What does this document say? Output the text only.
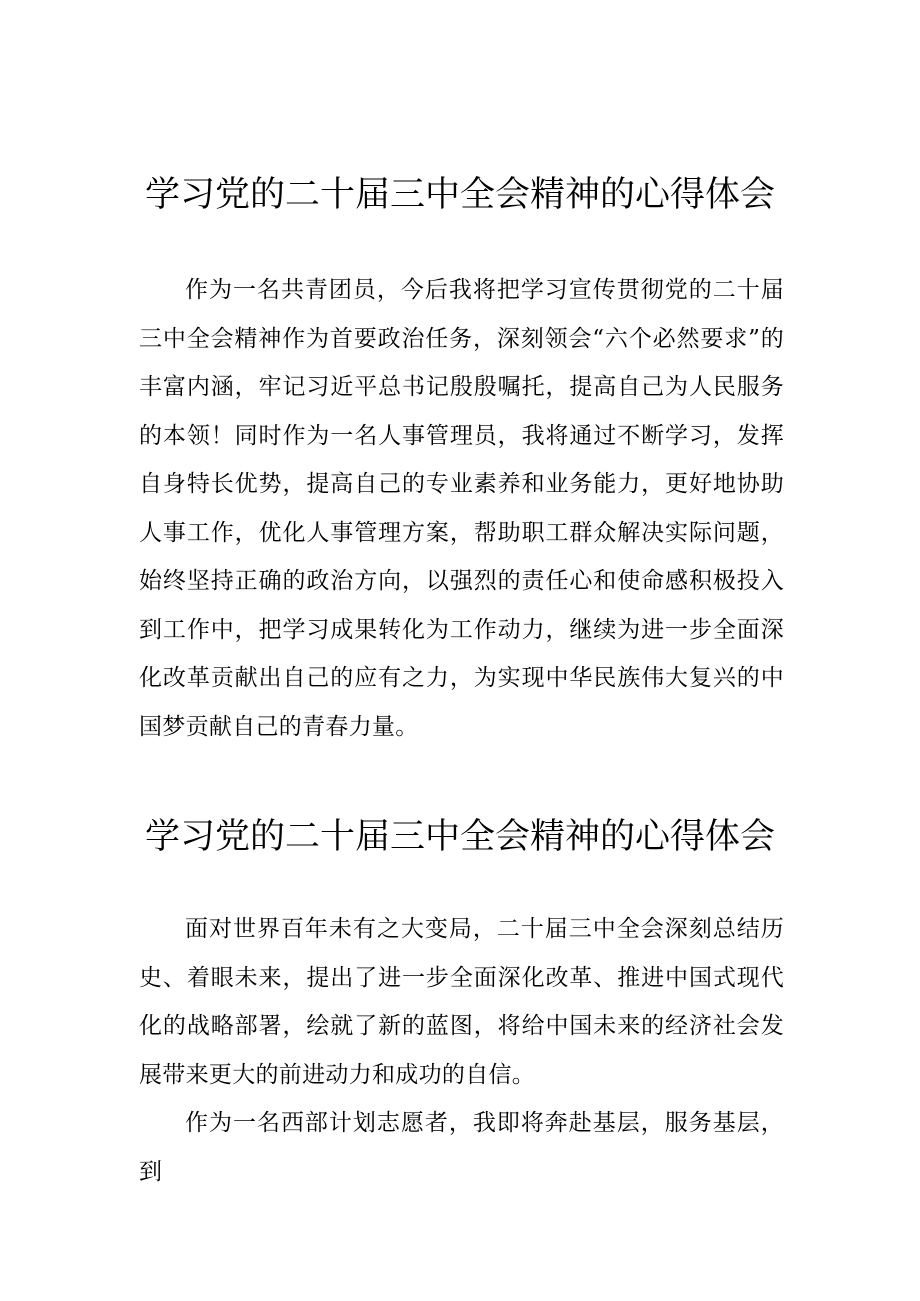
学习党的二十届三中全会精神的心得体会

作为一名共青团员，今后我将把学习宣传贯彻党的二十届三中全会精神作为首要政治任务，深刻领会“六个必然要求”的丰富内涵，牢记习近平总书记殷殷嘱托，提高自己为人民服务的本领！同时作为一名人事管理员，我将通过不断学习，发挥自身特长优势，提高自己的专业素养和业务能力，更好地协助人事工作，优化人事管理方案，帮助职工群众解决实际问题，始终坚持正确的政治方向，以强烈的责任心和使命感积极投入到工作中，把学习成果转化为工作动力，继续为进一步全面深化改革贡献出自己的应有之力，为实现中华民族伟大复兴的中国梦贡献自己的青春力量。

学习党的二十届三中全会精神的心得体会

面对世界百年未有之大变局，二十届三中全会深刻总结历史、着眼未来，提出了进一步全面深化改革、推进中国式现代化的战略部署，绘就了新的蓝图，将给中国未来的经济社会发展带来更大的前进动力和成功的自信。

作为一名西部计划志愿者，我即将奔赴基层，服务基层，到
